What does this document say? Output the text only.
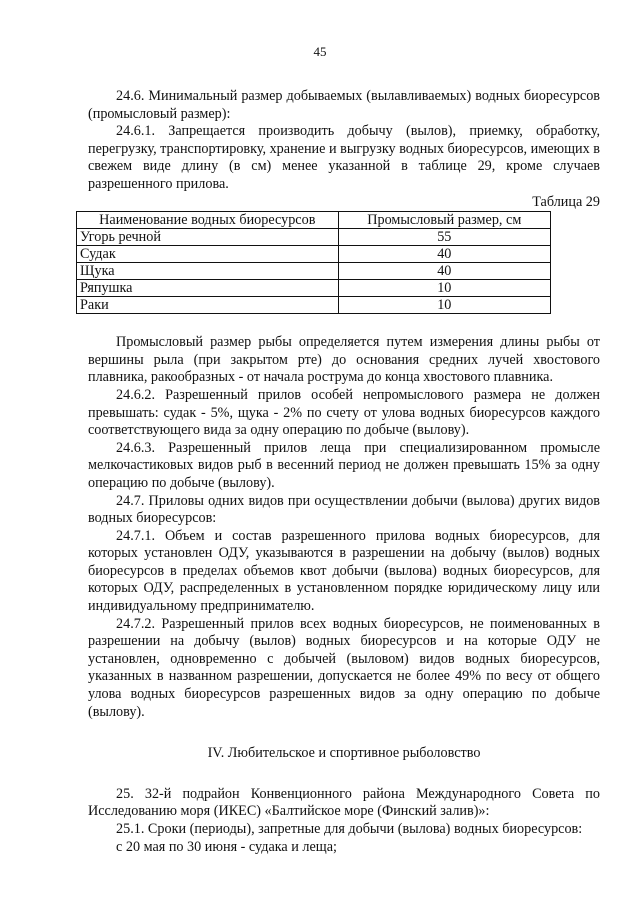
45

24.6. Минимальный размер добываемых (вылавливаемых) водных биоресурсов (промысловый размер):

24.6.1. Запрещается производить добычу (вылов), приемку, обработку, перегрузку, транспортировку, хранение и выгрузку водных биоресурсов, имеющих в свежем виде длину (в см) менее указанной в таблице 29, кроме случаев разрешенного прилова.

Таблица 29

Наименование водных биоресурсов	Промысловый размер, см
Угорь речной	55
Судак	40
Щука	40
Ряпушка	10
Раки	10

Промысловый размер рыбы определяется путем измерения длины рыбы от вершины рыла (при закрытом рте) до основания средних лучей хвостового плавника, ракообразных - от начала рострума до конца хвостового плавника.

24.6.2. Разрешенный прилов особей непромыслового размера не должен превышать: судак - 5%, щука - 2% по счету от улова водных биоресурсов каждого соответствующего вида за одну операцию по добыче (вылову).

24.6.3. Разрешенный прилов леща при специализированном промысле мелкочастиковых видов рыб в весенний период не должен превышать 15% за одну операцию по добыче (вылову).

24.7. Приловы одних видов при осуществлении добычи (вылова) других видов водных биоресурсов:

24.7.1. Объем и состав разрешенного прилова водных биоресурсов, для которых установлен ОДУ, указываются в разрешении на добычу (вылов) водных биоресурсов в пределах объемов квот добычи (вылова) водных биоресурсов, для которых ОДУ, распределенных в установленном порядке юридическому лицу или индивидуальному предпринимателю.

24.7.2. Разрешенный прилов всех водных биоресурсов, не поименованных в разрешении на добычу (вылов) водных биоресурсов и на которые ОДУ не установлен, одновременно с добычей (выловом) видов водных биоресурсов, указанных в названном разрешении, допускается не более 49% по весу от общего улова водных биоресурсов разрешенных видов за одну операцию по добыче (вылову).

IV. Любительское и спортивное рыболовство

25. 32-й подрайон Конвенционного района Международного Совета по Исследованию моря (ИКЕС) «Балтийское море (Финский залив)»:

25.1. Сроки (периоды), запретные для добычи (вылова) водных биоресурсов:

с 20 мая по 30 июня - судака и леща;
